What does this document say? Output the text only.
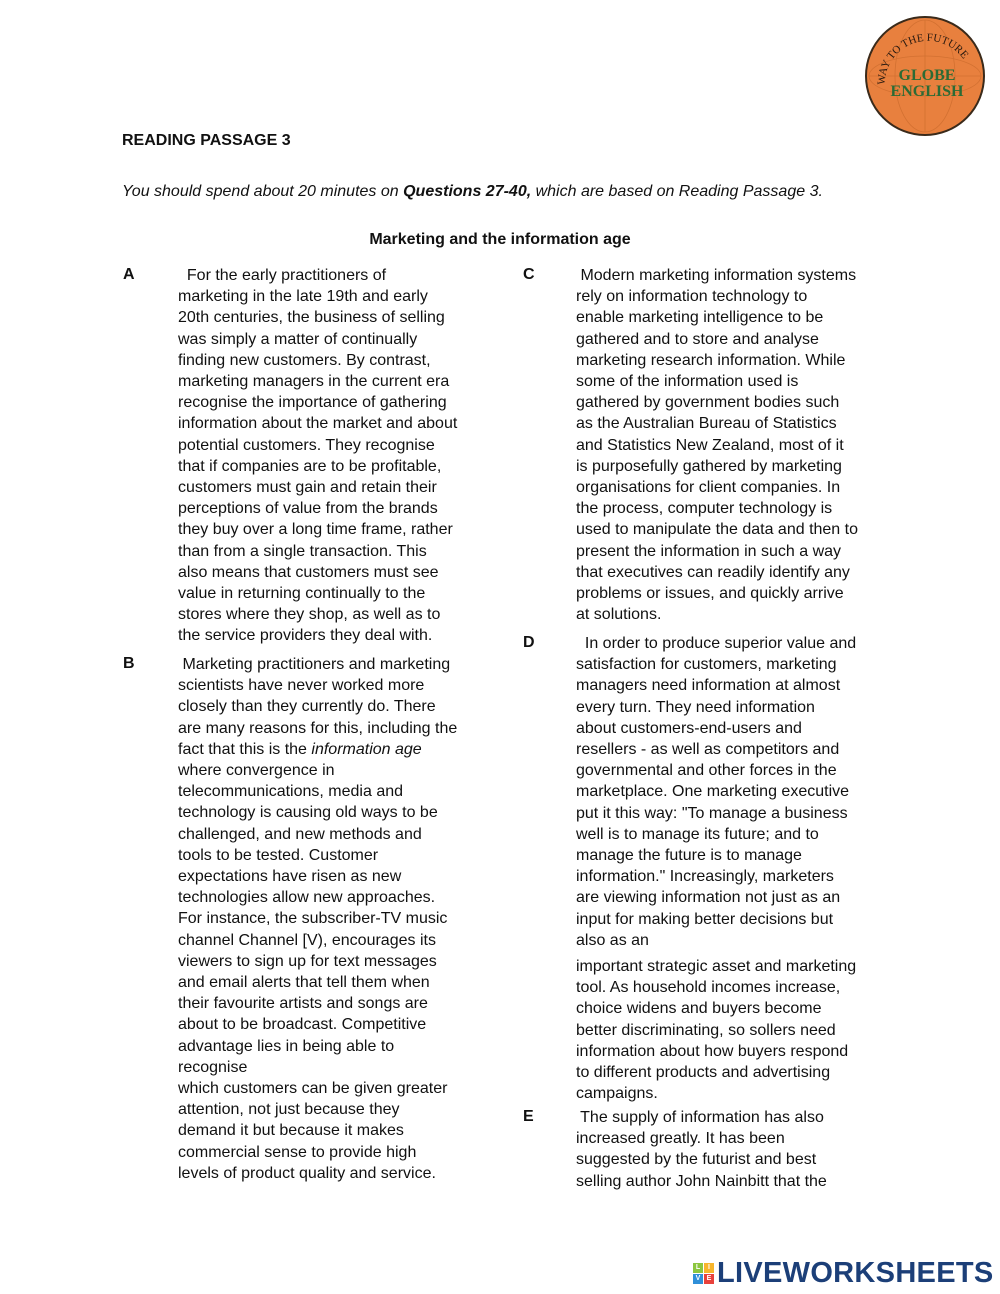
WAY TO THE FUTURE
GLOBE
ENGLISH
READING PASSAGE 3
You should spend about 20 minutes on Questions 27-40, which are based on Reading Passage 3.
Marketing and the information age
A	For the early practitioners of
marketing in the late 19th and early
20th centuries, the business of selling
was simply a matter of continually
finding new customers. By contrast,
marketing managers in the current era
recognise the importance of gathering
information about the market and about
potential customers. They recognise
that if companies are to be profitable,
customers must gain and retain their
perceptions of value from the brands
they buy over a long time frame, rather
than from a single transaction. This
also means that customers must see
value in returning continually to the
stores where they shop, as well as to
the service providers they deal with.
B	Marketing practitioners and marketing
scientists have never worked more
closely than they currently do. There
are many reasons for this, including the
fact that this is the information age
where convergence in
telecommunications, media and
technology is causing old ways to be
challenged, and new methods and
tools to be tested. Customer
expectations have risen as new
technologies allow new approaches.
For instance, the subscriber-TV music
channel Channel [V), encourages its
viewers to sign up for text messages
and email alerts that tell them when
their favourite artists and songs are
about to be broadcast. Competitive
advantage lies in being able to
recognise
which customers can be given greater
attention, not just because they
demand it but because it makes
commercial sense to provide high
levels of product quality and service.
C	Modern marketing information systems
rely on information technology to
enable marketing intelligence to be
gathered and to store and analyse
marketing research information. While
some of the information used is
gathered by government bodies such
as the Australian Bureau of Statistics
and Statistics New Zealand, most of it
is purposefully gathered by marketing
organisations for client companies. In
the process, computer technology is
used to manipulate the data and then to
present the information in such a way
that executives can readily identify any
problems or issues, and quickly arrive
at solutions.
D	In order to produce superior value and
satisfaction for customers, marketing
managers need information at almost
every turn. They need information
about customers-end-users and
resellers - as well as competitors and
governmental and other forces in the
marketplace. One marketing executive
put it this way: "To manage a business
well is to manage its future; and to
manage the future is to manage
information." Increasingly, marketers
are viewing information not just as an
input for making better decisions but
also as an
important strategic asset and marketing
tool. As household incomes increase,
choice widens and buyers become
better discriminating, so sollers need
information about how buyers respond
to different products and advertising
campaigns.
E	The supply of information has also
increased greatly. It has been
suggested by the futurist and best
selling author John Nainbitt that the
L	I
V E LIVEWORKSHEETS
